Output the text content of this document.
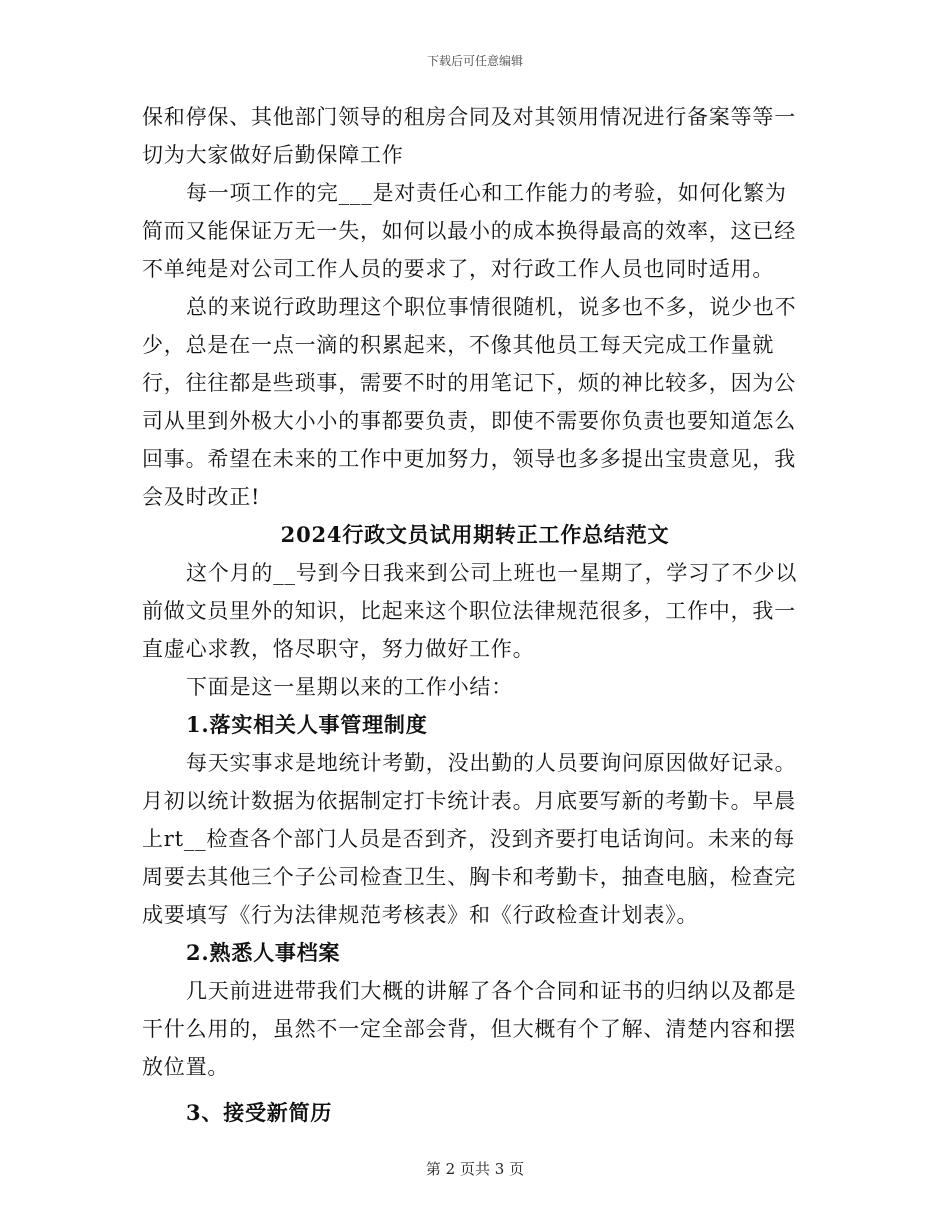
下载后可任意编辑

保和停保、其他部门领导的租房合同及对其领用情况进行备案等等一切为大家做好后勤保障工作

每一项工作的完___是对责任心和工作能力的考验，如何化繁为简而又能保证万无一失，如何以最小的成本换得最高的效率，这已经不单纯是对公司工作人员的要求了，对行政工作人员也同时适用。

总的来说行政助理这个职位事情很随机，说多也不多，说少也不少，总是在一点一滴的积累起来，不像其他员工每天完成工作量就行，往往都是些琐事，需要不时的用笔记下，烦的神比较多，因为公司从里到外极大小小的事都要负责，即使不需要你负责也要知道怎么回事。希望在未来的工作中更加努力，领导也多多提出宝贵意见，我会及时改正!

2024行政文员试用期转正工作总结范文

这个月的__号到今日我来到公司上班也一星期了，学习了不少以前做文员里外的知识，比起来这个职位法律规范很多，工作中，我一直虚心求教，恪尽职守，努力做好工作。

下面是这一星期以来的工作小结：

1.落实相关人事管理制度

每天实事求是地统计考勤，没出勤的人员要询问原因做好记录。月初以统计数据为依据制定打卡统计表。月底要写新的考勤卡。早晨上rt__检查各个部门人员是否到齐，没到齐要打电话询问。未来的每周要去其他三个子公司检查卫生、胸卡和考勤卡，抽查电脑，检查完成要填写《行为法律规范考核表》和《行政检查计划表》。

2.熟悉人事档案

几天前进进带我们大概的讲解了各个合同和证书的归纳以及都是干什么用的，虽然不一定全部会背，但大概有个了解、清楚内容和摆放位置。

3、接受新简历

第 2 页共 3 页
